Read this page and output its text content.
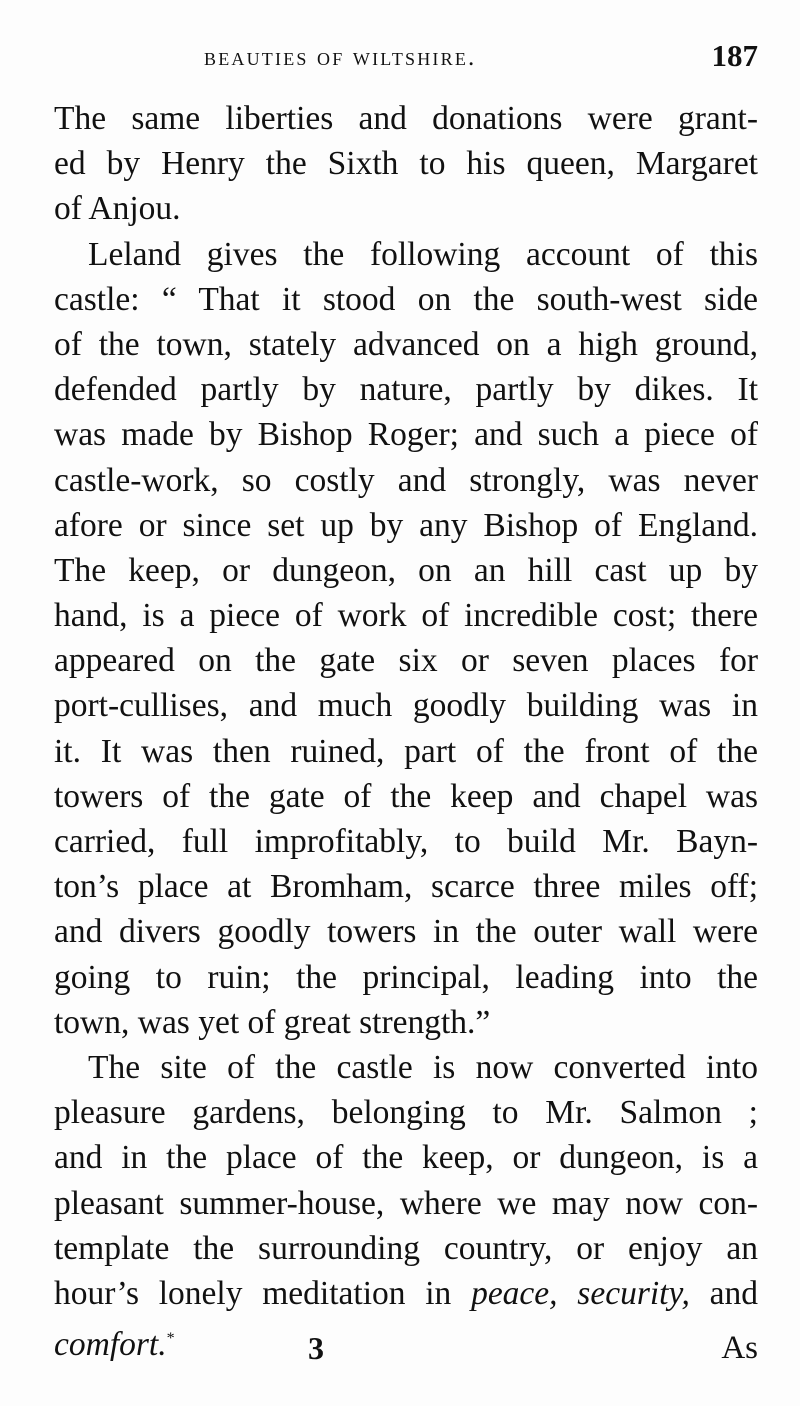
beauties of wiltshire.	187
The same liberties and donations were grant-
ed by Henry the Sixth to his queen, Margaret
of Anjou.
Leland gives the following account of this
castle: “ That it stood on the south-west side
of the town, stately advanced on a high ground,
defended partly by nature, partly by dikes. It
was made by Bishop Roger; and such a piece of
castle-work, so costly and strongly, was never
afore or since set up by any Bishop of England.
The keep, or dungeon, on an hill cast up by
hand, is a piece of work of incredible cost; there
appeared on the gate six or seven places for
port-cullises, and much goodly building was in
it. It was then ruined, part of the front of the
towers of the gate of the keep and chapel was
carried, full improfitably, to build Mr. Bayn-
ton’s place at Bromham, scarce three miles off;
and divers goodly towers in the outer wall were
going to ruin; the principal, leading into the
town, was yet of great strength.”
The site of the castle is now converted into
pleasure gardens, belonging to Mr. Salmon ;
and in the place of the keep, or dungeon, is a
pleasant summer-house, where we may now con-
template the surrounding country, or enjoy an
hour’s lonely meditation in peace, security, and
comfort.*	3	As
